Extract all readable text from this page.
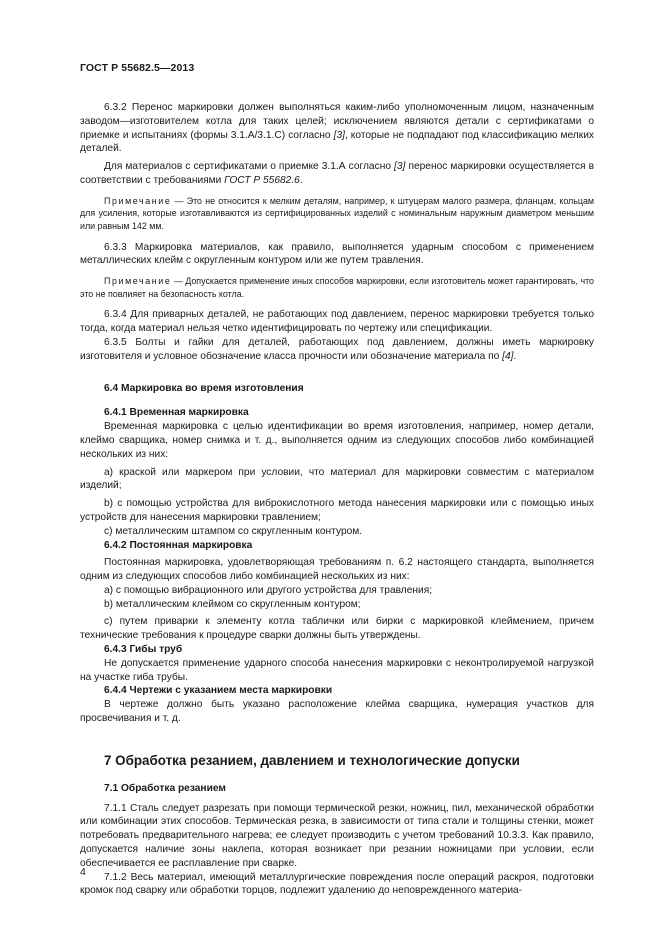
ГОСТ Р 55682.5—2013

6.3.2 Перенос маркировки должен выполняться каким-либо уполномоченным лицом, назначенным заводом—изготовителем котла для таких целей; исключением являются детали с сертификатами о приемке и испытаниях (формы 3.1.А/3.1.С) согласно [3], которые не подпадают под классификацию мелких деталей.

Для материалов с сертификатами о приемке 3.1.А согласно [3] перенос маркировки осуществляется в соответствии с требованиями ГОСТ Р 55682.6.

Примечание — Это не относится к мелким деталям, например, к штуцерам малого размера, фланцам, кольцам для усиления, которые изготавливаются из сертифицированных изделий с номинальным наружным диаметром меньшим или равным 142 мм.

6.3.3 Маркировка материалов, как правило, выполняется ударным способом с применением металлических клейм с округленным контуром или же путем травления.

Примечание — Допускается применение иных способов маркировки, если изготовитель может гарантировать, что это не повлияет на безопасность котла.

6.3.4 Для приварных деталей, не работающих под давлением, перенос маркировки требуется только тогда, когда материал нельзя четко идентифицировать по чертежу или спецификации.

6.3.5 Болты и гайки для деталей, работающих под давлением, должны иметь маркировку изготовителя и условное обозначение класса прочности или обозначение материала по [4].

6.4 Маркировка во время изготовления

6.4.1 Временная маркировка

Временная маркировка с целью идентификации во время изготовления, например, номер детали, клеймо сварщика, номер снимка и т. д., выполняется одним из следующих способов либо комбинацией нескольких из них:

а) краской или маркером при условии, что материал для маркировки совместим с материалом изделий;

b) с помощью устройства для виброкислотного метода нанесения маркировки или с помощью иных устройств для нанесения маркировки травлением;

с) металлическим штампом со скругленным контуром.

6.4.2 Постоянная маркировка

Постоянная маркировка, удовлетворяющая требованиям п. 6.2 настоящего стандарта, выполняется одним из следующих способов либо комбинацией нескольких из них:

а) с помощью вибрационного или другого устройства для травления;

b) металлическим клеймом со скругленным контуром;

с) путем приварки к элементу котла таблички или бирки с маркировкой клеймением, причем технические требования к процедуре сварки должны быть утверждены.

6.4.3 Гибы труб

Не допускается применение ударного способа нанесения маркировки с неконтролируемой нагрузкой на участке гиба трубы.

6.4.4 Чертежи с указанием места маркировки

В чертеже должно быть указано расположение клейма сварщика, нумерация участков для просвечивания и т. д.

7 Обработка резанием, давлением и технологические допуски

7.1 Обработка резанием

7.1.1 Сталь следует разрезать при помощи термической резки, ножниц, пил, механической обработки или комбинации этих способов. Термическая резка, в зависимости от типа стали и толщины стенки, может потребовать предварительного нагрева; ее следует производить с учетом требований 10.3.3. Как правило, допускается наличие зоны наклепа, которая возникает при резании ножницами при условии, если обеспечивается ее расплавление при сварке.

7.1.2 Весь материал, имеющий металлургические повреждения после операций раскроя, подготовки кромок под сварку или обработки торцов, подлежит удалению до неповрежденного материа-

4
